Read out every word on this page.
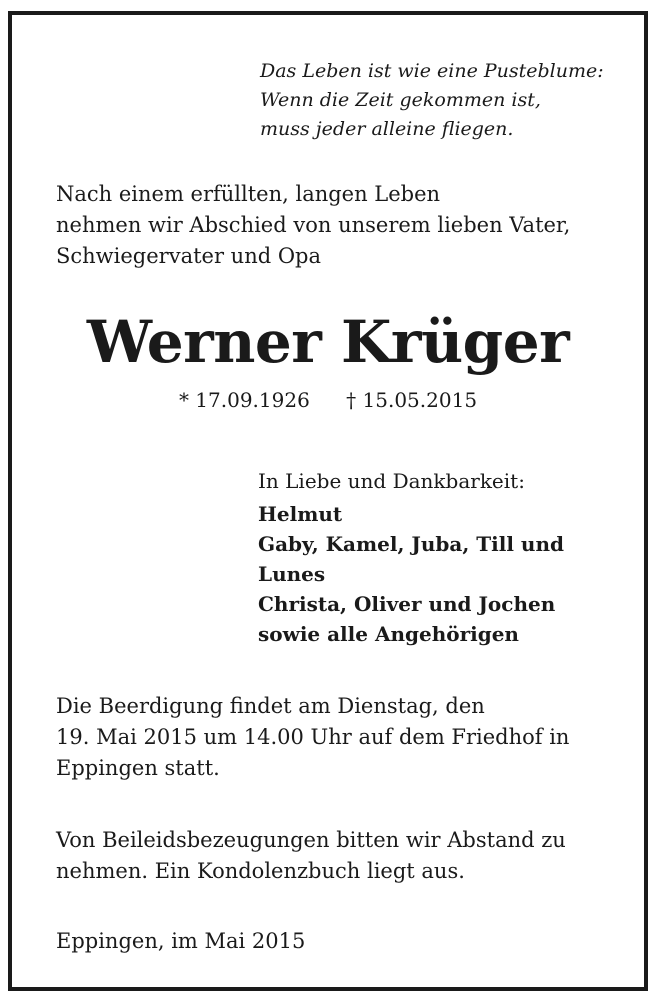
Das Leben ist wie eine Pusteblume:
Wenn die Zeit gekommen ist,
muss jeder alleine fliegen.
Nach einem erfüllten, langen Leben
nehmen wir Abschied von unserem lieben Vater,
Schwiegervater und Opa
Werner Krüger
* 17.09.1926 † 15.05.2015
In Liebe und Dankbarkeit:
Helmut
Gaby, Kamel, Juba, Till und
Lunes
Christa, Oliver und Jochen
sowie alle Angehörigen
Die Beerdigung findet am Dienstag, den
19. Mai 2015 um 14.00 Uhr auf dem Friedhof in
Eppingen statt.
Von Beileidsbezeugungen bitten wir Abstand zu
nehmen. Ein Kondolenzbuch liegt aus.
Eppingen, im Mai 2015
